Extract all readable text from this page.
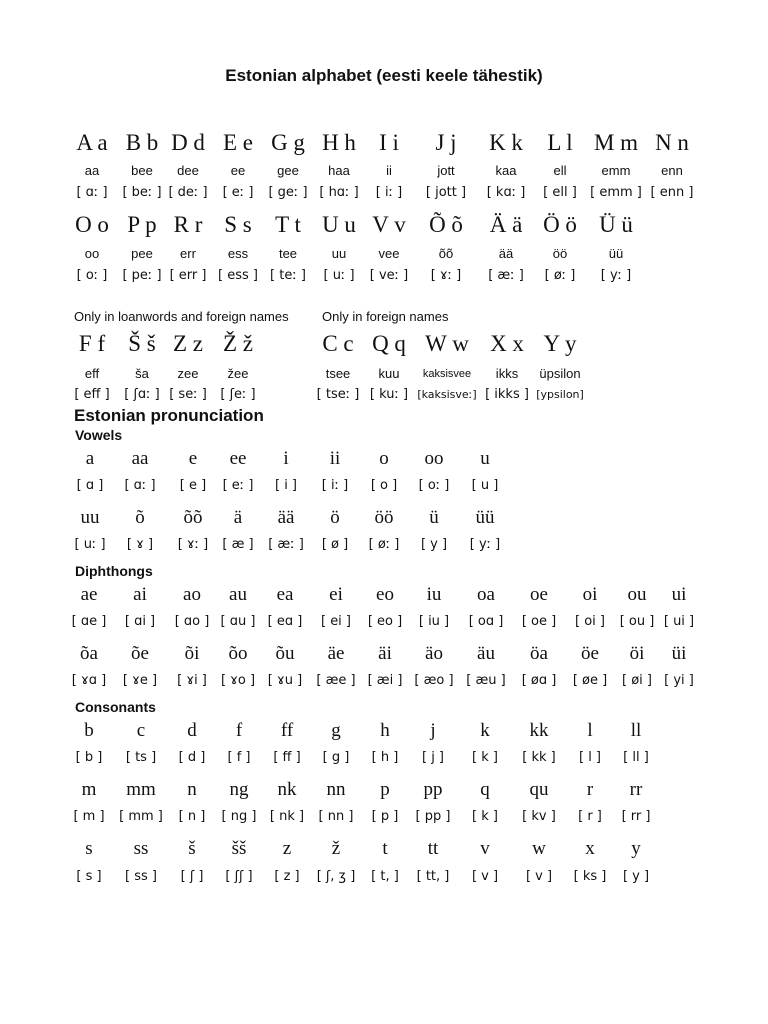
Estonian alphabet (eesti keele tähestik)
A a B b D d E e G g H h I i J j K k L l M m N n
aa bee dee ee gee haa	ii	jott	kaa	ell	emm enn
[ ɑː ] [ beː ] [ deː ] [ eː ] [ geː ] [ hɑː ] [ iː ] [ jott ] [ kɑː ] [ ell ] [ emm ] [ enn ]
O o P p R r S s T t U u V v Õ õ Ä ä Ö ö Ü ü
oo pee err ess tee	uu vee	õõ	ää	öö	üü
[ oː ] [ peː ] [ err ] [ ess ] [ teː ] [ uː ] [ veː ] [ ɤː ] [ æː ] [ øː ] [ yː ]
Only in loanwords and foreign names	Only in foreign names
F f Š š Z z Ž ž	C c Q q W w X x Y y
eff	ša zee žee	tsee kuu kaksisvee ikks üpsilon
[ eff ] [ ʃɑː ] [ seː ] [ ʃeː ]	[ tseː ] [ kuː ] [kaksisveː] [ ikks ] [ypsilon]
Estonian pronunciation
Vowels
a aa e ee i ii o oo u
[ ɑ ] [ ɑː ] [ e ] [ eː ] [ i ] [ iː ] [ o ] [ oː ] [ u ]
uu õ õõ ä ää ö öö ü üü
[ uː ] [ ɤ ] [ ɤː ] [ æ ] [ æː ] [ ø ] [ øː ] [ y ] [ yː ]
Diphthongs
ae ai ao au ea ei eo iu oa oe oi ou ui
[ ɑe ] [ ɑi ] [ ɑo ] [ ɑu ] [ eɑ ] [ ei ] [ eo ] [ iu ] [ oɑ ] [ oe ] [ oi ] [ ou ] [ ui ]
õa õe õi õo õu äe äi äo äu öa öe öi üi
[ ɤɑ ] [ ɤe ] [ ɤi ] [ ɤo ] [ ɤu ] [ æe ] [ æi ] [ æo ] [ æu ] [ øɑ ] [ øe ] [ øi ] [ yi ]
Consonants
b c d f ff g h j k kk l ll
[ b ] [ ts ] [ d ] [ f ] [ ff ] [ g ] [ h ] [ j ] [ k ] [ kk ] [ l ] [ ll ]
m mm n ng nk nn p pp q qu r rr
[ m ] [ mm ] [ n ] [ ng ] [ nk ] [ nn ] [ p ] [ pp ] [ k ] [ kv ] [ r ] [ rr ]
s ss š šš z ž t tt v w x y
[ s ] [ ss ] [ ʃ ] [ ʃʃ ] [ z ] [ ʃ, ʒ ] [ t, ] [ tt, ] [ v ] [ v ] [ ks ] [ y ]
